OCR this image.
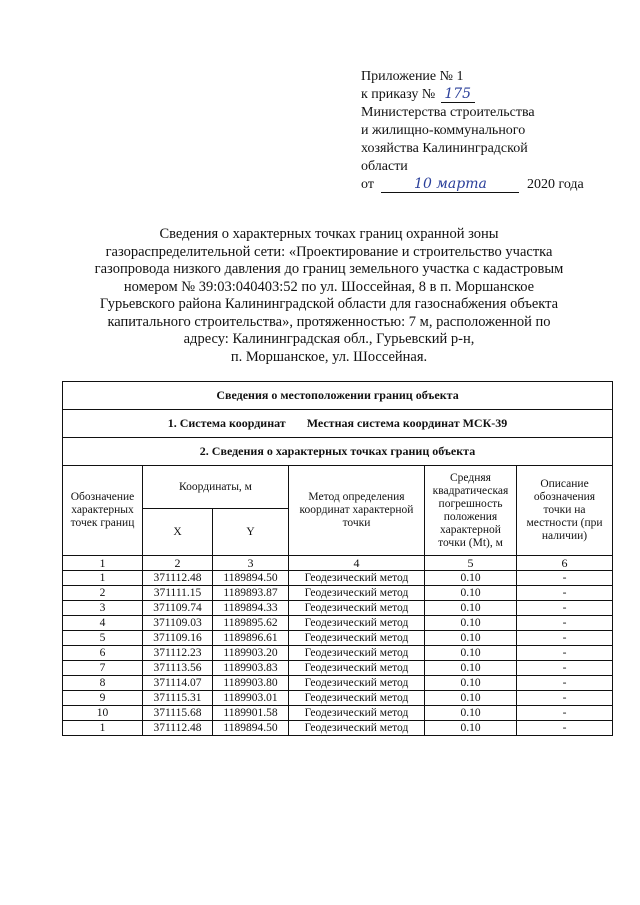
Приложение № 1
к приказу № 175
Министерства строительства
и жилищно-коммунального
хозяйства Калининградской
области
от	10 марта	2020 года
Сведения о характерных точках границ охранной зоны
газораспределительной сети: «Проектирование и строительство участка
газопровода низкого давления до границ земельного участка с кадастровым
номером № 39:03:040403:52 по ул. Шоссейная, 8 в п. Моршанское
Гурьевского района Калининградской области для газоснабжения объекта
капитального строительства», протяженностью: 7 м, расположенной по
адресу: Калининградская обл., Гурьевский р-н,
п. Моршанское, ул. Шоссейная.
Сведения о местоположении границ объекта					
1. Система координат Местная система координат МСК-39					
2. Сведения о характерных точках границ объекта					
Обозначение характерных точек границ	Координаты, м		Метод определения координат характерной точки	Средняя квадратическая погрешность положения характерной точки (Mt), м	Описание обозначения точки на местности (при наличии)
	X	Y			
1	2	3	4	5	6
1	371112.48	1189894.50	Геодезический метод	0.10	-
2	371111.15	1189893.87	Геодезический метод	0.10	-
3	371109.74	1189894.33	Геодезический метод	0.10	-
4	371109.03	1189895.62	Геодезический метод	0.10	-
5	371109.16	1189896.61	Геодезический метод	0.10	-
6	371112.23	1189903.20	Геодезический метод	0.10	-
7	371113.56	1189903.83	Геодезический метод	0.10	-
8	371114.07	1189903.80	Геодезический метод	0.10	-
9	371115.31	1189903.01	Геодезический метод	0.10	-
10	371115.68	1189901.58	Геодезический метод	0.10	-
1	371112.48	1189894.50	Геодезический метод	0.10	-
